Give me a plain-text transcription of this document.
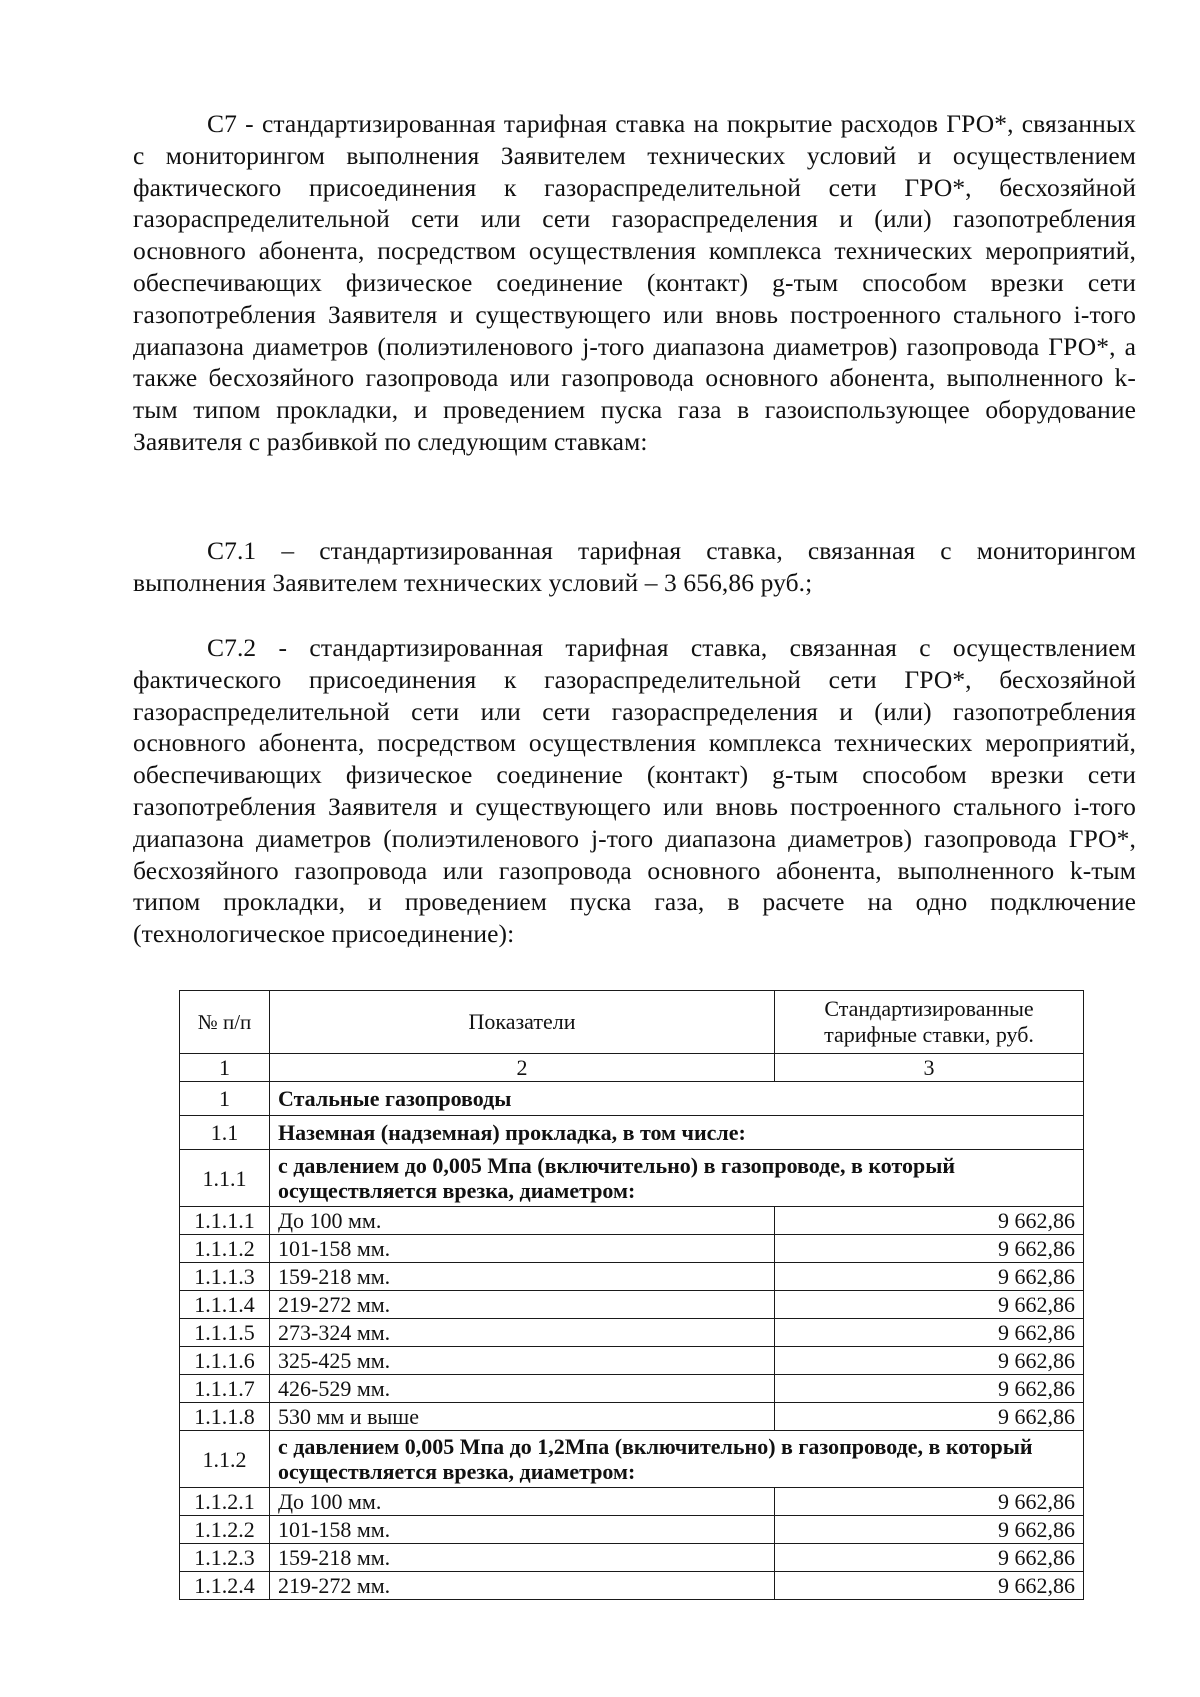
С7 - стандартизированная тарифная ставка на покрытие расходов ГРО*, связанных с мониторингом выполнения Заявителем технических условий и осуществлением фактического присоединения к газораспределительной сети ГРО*, бесхозяйной газораспределительной сети или сети газораспределения и (или) газопотребления основного абонента, посредством осуществления комплекса технических мероприятий, обеспечивающих физическое соединение (контакт) g-тым способом врезки сети газопотребления Заявителя и существующего или вновь построенного стального i-того диапазона диаметров (полиэтиленового j-того диапазона диаметров) газопровода ГРО*, а также бесхозяйного газопровода или газопровода основного абонента, выполненного k-тым типом прокладки, и проведением пуска газа в газоиспользующее оборудование Заявителя с разбивкой по следующим ставкам:

С7.1 – стандартизированная тарифная ставка, связанная с мониторингом выполнения Заявителем технических условий – 3 656,86 руб.;

С7.2 - стандартизированная тарифная ставка, связанная с осуществлением фактического присоединения к газораспределительной сети ГРО*, бесхозяйной газораспределительной сети или сети газораспределения и (или) газопотребления основного абонента, посредством осуществления комплекса технических мероприятий, обеспечивающих физическое соединение (контакт) g-тым способом врезки сети газопотребления Заявителя и существующего или вновь построенного стального i-того диапазона диаметров (полиэтиленового j-того диапазона диаметров) газопровода ГРО*, бесхозяйного газопровода или газопровода основного абонента, выполненного k-тым типом прокладки, и проведением пуска газа, в расчете на одно подключение (технологическое присоединение):

№ п/п	Показатели	Стандартизированные тарифные ставки, руб.
1	2	3
1	Стальные газопроводы	
1.1	Наземная (надземная) прокладка, в том числе:	
1.1.1	с давлением до 0,005 Мпа (включительно) в газопроводе, в который осуществляется врезка, диаметром:	
1.1.1.1	До 100 мм.	9 662,86
1.1.1.2	101-158 мм.	9 662,86
1.1.1.3	159-218 мм.	9 662,86
1.1.1.4	219-272 мм.	9 662,86
1.1.1.5	273-324 мм.	9 662,86
1.1.1.6	325-425 мм.	9 662,86
1.1.1.7	426-529 мм.	9 662,86
1.1.1.8	530 мм и выше	9 662,86
1.1.2	с давлением 0,005 Мпа до 1,2Мпа (включительно) в газопроводе, в который осуществляется врезка, диаметром:	
1.1.2.1	До 100 мм.	9 662,86
1.1.2.2	101-158 мм.	9 662,86
1.1.2.3	159-218 мм.	9 662,86
1.1.2.4	219-272 мм.	9 662,86
